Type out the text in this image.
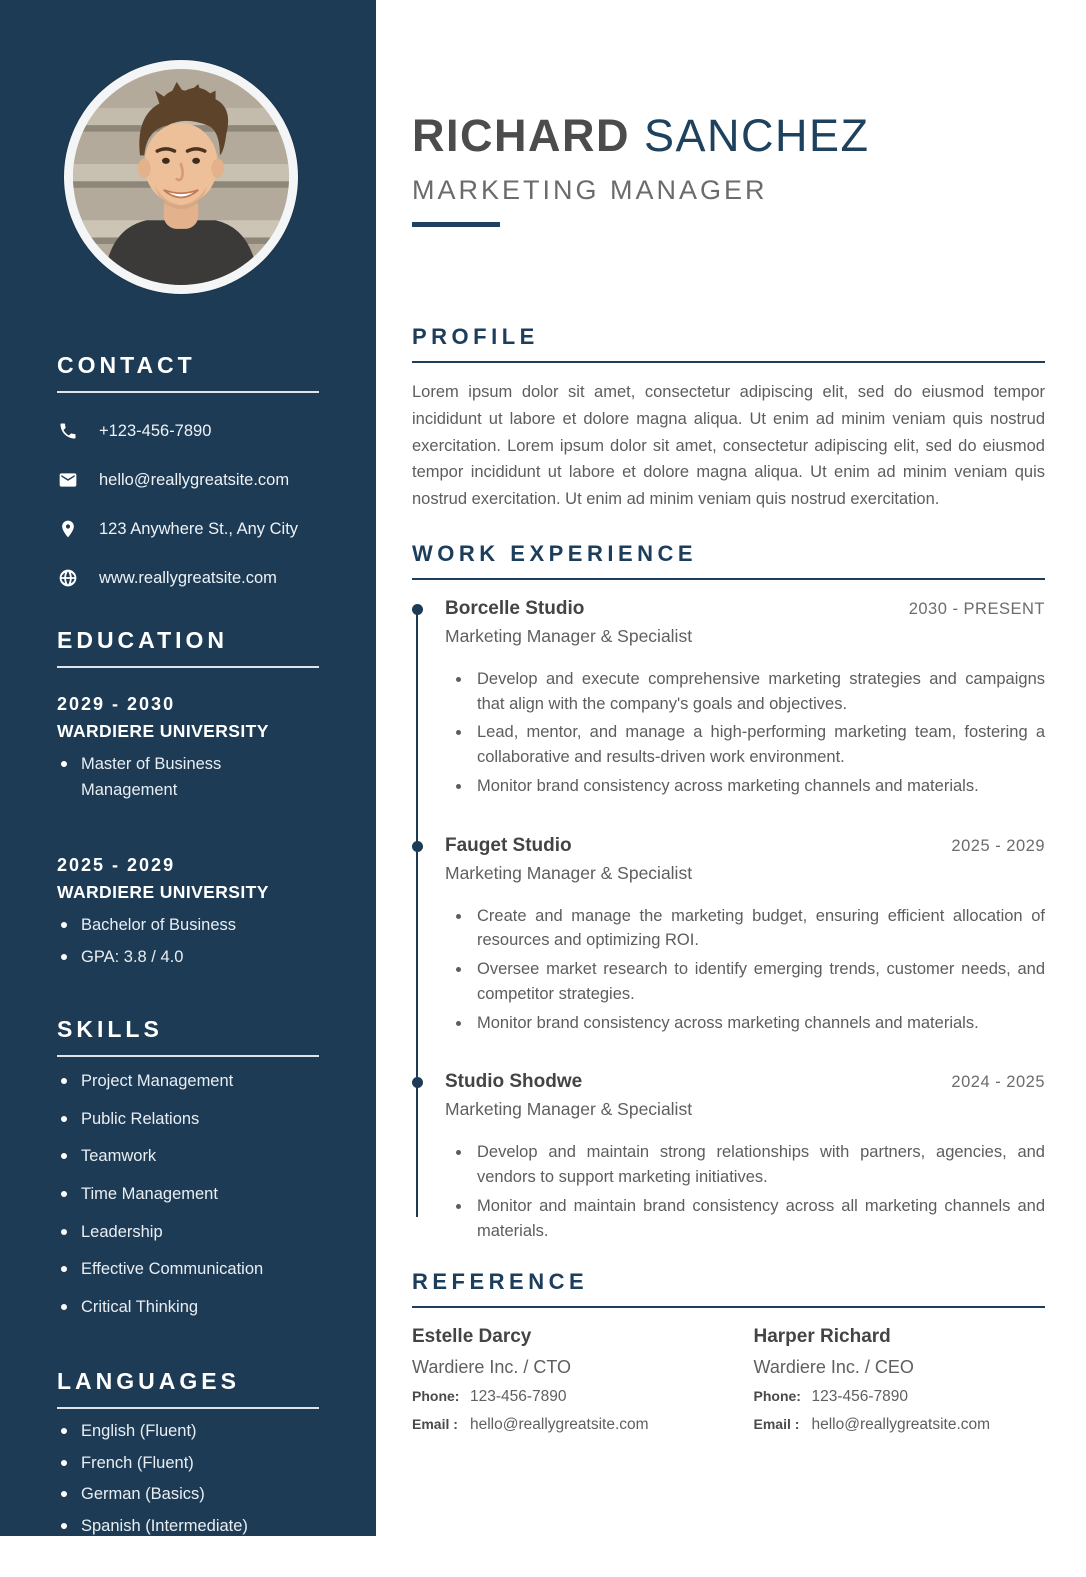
CONTACT
+123-456-7890
hello@reallygreatsite.com
123 Anywhere St., Any City
www.reallygreatsite.com
EDUCATION
2029 - 2030
WARDIERE UNIVERSITY
Master of Business Management
2025 - 2029
WARDIERE UNIVERSITY
Bachelor of Business
GPA: 3.8 / 4.0
SKILLS
Project Management
Public Relations
Teamwork
Time Management
Leadership
Effective Communication
Critical Thinking
LANGUAGES
English (Fluent)
French (Fluent)
German (Basics)
Spanish (Intermediate)
RICHARD SANCHEZ
MARKETING MANAGER
PROFILE

Lorem ipsum dolor sit amet, consectetur adipiscing elit, sed do eiusmod tempor incididunt ut labore et dolore magna aliqua. Ut enim ad minim veniam quis nostrud exercitation. Lorem ipsum dolor sit amet, consectetur adipiscing elit, sed do eiusmod tempor incididunt ut labore et dolore magna aliqua. Ut enim ad minim veniam quis nostrud exercitation. Ut enim ad minim veniam quis nostrud exercitation.

WORK EXPERIENCE
Borcelle Studio	2030 - PRESENT
Marketing Manager & Specialist
Develop and execute comprehensive marketing strategies and campaigns that align with the company's goals and objectives.
Lead, mentor, and manage a high-performing marketing team, fostering a collaborative and results-driven work environment.
Monitor brand consistency across marketing channels and materials.
Fauget Studio	2025 - 2029
Marketing Manager & Specialist
Create and manage the marketing budget, ensuring efficient allocation of resources and optimizing ROI.
Oversee market research to identify emerging trends, customer needs, and competitor strategies.
Monitor brand consistency across marketing channels and materials.
Studio Shodwe	2024 - 2025
Marketing Manager & Specialist
Develop and maintain strong relationships with partners, agencies, and vendors to support marketing initiatives.
Monitor and maintain brand consistency across all marketing channels and materials.
REFERENCE
Estelle Darcy
Wardiere Inc. / CTO
Phone: 123-456-7890
Email : hello@reallygreatsite.com
Harper Richard
Wardiere Inc. / CEO
Phone: 123-456-7890
Email : hello@reallygreatsite.com
